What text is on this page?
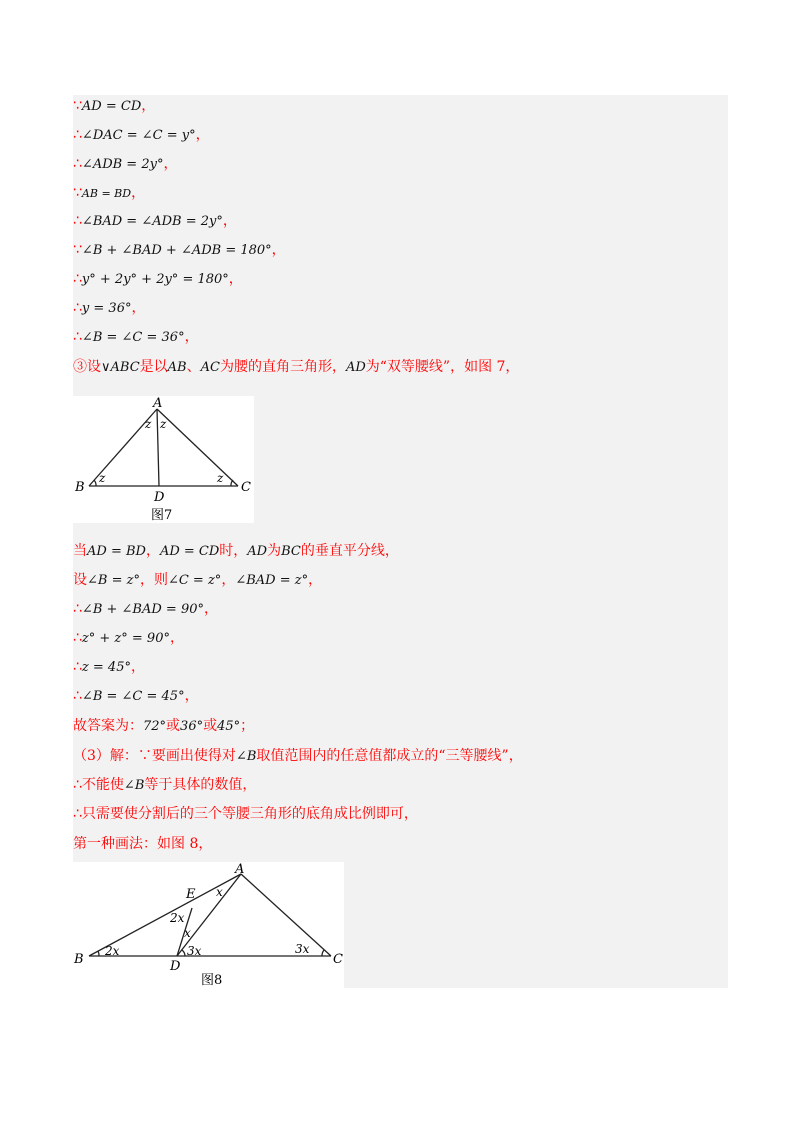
∵AD = CD，
∴∠DAC = ∠C = y°，
∴∠ADB = 2y°，
∵AB = BD，
∴∠BAD = ∠ADB = 2y°，
∵∠B + ∠BAD + ∠ADB = 180°，
∴y° + 2y° + 2y° = 180°，
∴y = 36°，
∴∠B = ∠C = 36°，
③设∨ABC是以AB、AC为腰的直角三角形，AD为“双等腰线”，如图 7，
A
B	C
D
z z
z	z
图7
当AD = BD，AD = CD时，AD为BC的垂直平分线，
设∠B = z°，则∠C = z°，∠BAD = z°，
∴∠B + ∠BAD = 90°，
∴z° + z° = 90°，
∴z = 45°，
∴∠B = ∠C = 45°，
故答案为：72°或36°或45°；
（3）解：∵要画出使得对∠B取值范围内的任意值都成立的“三等腰线”，
∴不能使∠B等于具体的数值，
∴只需要使分割后的三个等腰三角形的底角成比例即可，
第一种画法：如图 8，
A
B	C
D
E
2x	3x
3x
2x
x
x
图8
